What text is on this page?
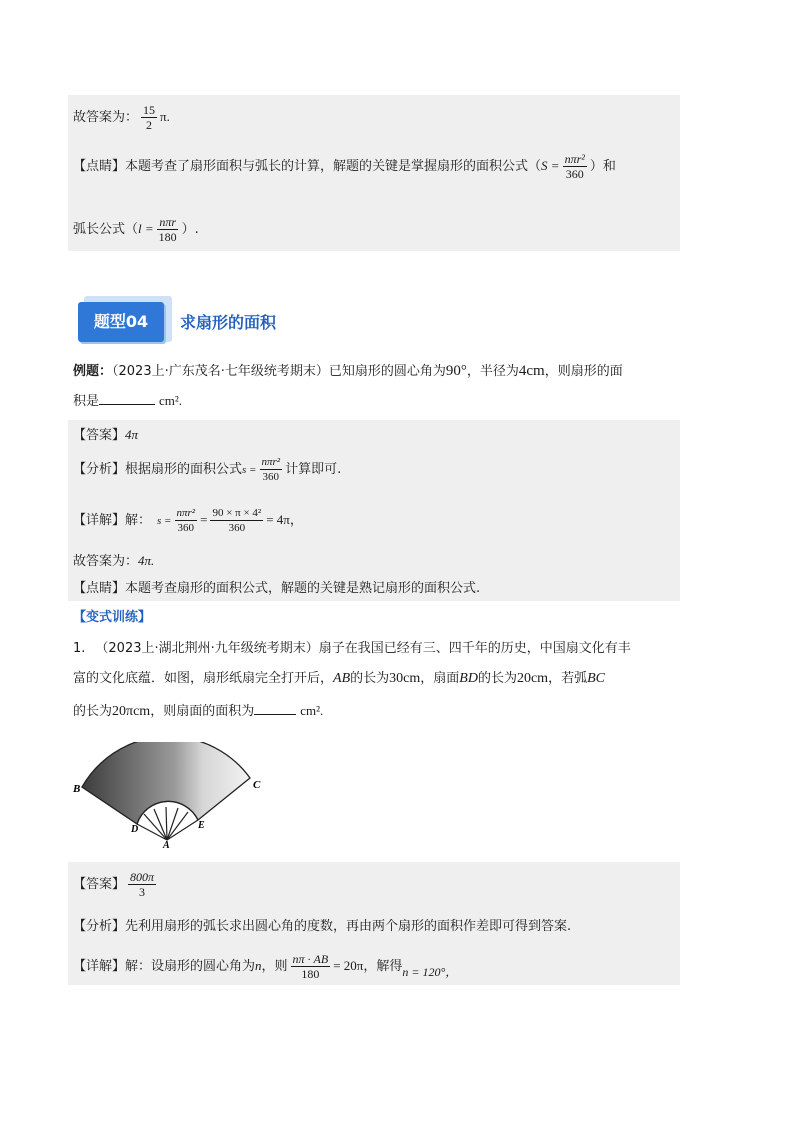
故答案为： $\frac{15}{2} \pi$.
【点睛】本题考查了扇形面积与弧长的计算，解题的关键是掌握扇形的面积公式（$S = \frac{\text{nπr²}}{360}$ ）和
弧长公式（$l = \frac{\text{nπr}}{180}$ ）.
题型04	求扇形的面积
例题：（2023上·广东茂名·七年级统考期末）已知扇形的圆心角为90°，半径为4cm，则扇形的面
积是	cm².
【答案】4π
【分析】根据扇形的面积公式$s = \frac{\text{nπr²}}{360}$ 计算即可.
【详解】解： $s = \frac{\text{nπr²}}{360} = \frac{\text{90 × π × 4²}}{360} = 4\pi$，
故答案为：4π.
【点睛】本题考查扇形的面积公式，解题的关键是熟记扇形的面积公式.
【变式训练】
1. （2023上·湖北荆州·九年级统考期末）扇子在我国已经有三、四千年的历史，中国扇文化有丰
富的文化底蕴．如图，扇形纸扇完全打开后，AB的长为30cm，扇面BD的长为20cm，若弧BC
的长为20πcm，则扇面的面积为	cm².
B	C
D	E
A
【答案】 $\frac{800\pi}{3}$
【分析】先利用扇形的弧长求出圆心角的度数，再由两个扇形的面积作差即可得到答案.
【详解】解：设扇形的圆心角为n，则 $\frac{n\pi \cdot AB}{180} = 20\pi$，解得n = 120°，
